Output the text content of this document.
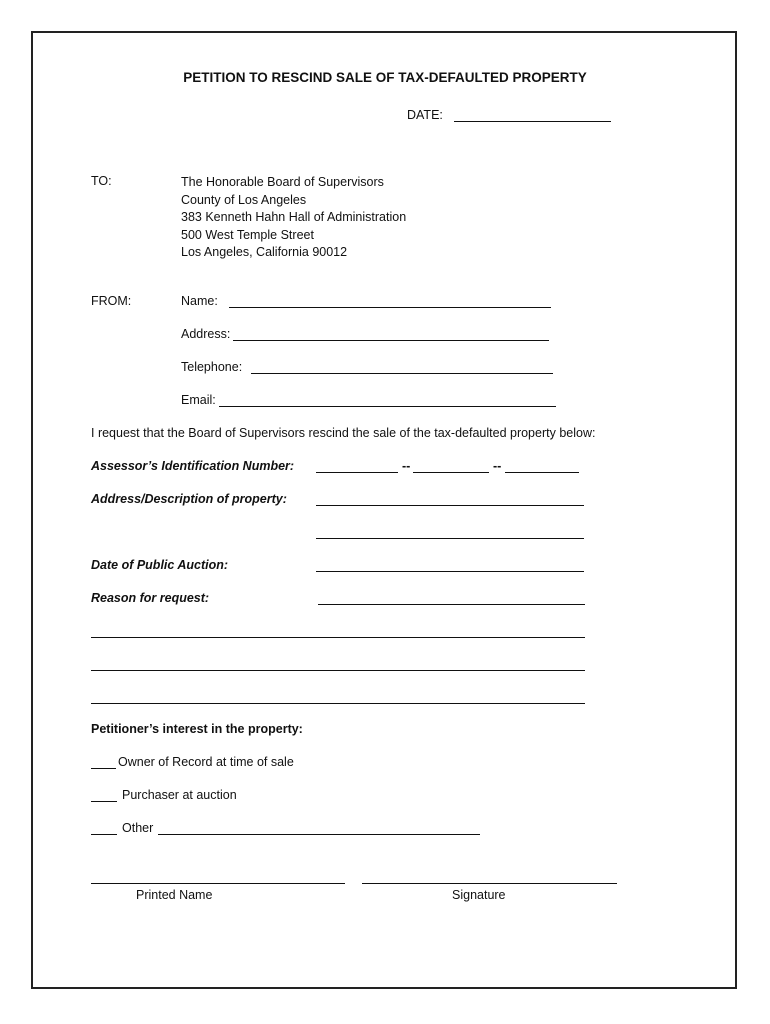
PETITION TO RESCIND SALE OF TAX-DEFAULTED PROPERTY
DATE:
TO:	The Honorable Board of Supervisors
County of Los Angeles
383 Kenneth Hahn Hall of Administration
500 West Temple Street
Los Angeles, California 90012
FROM:	Name:
Address:
Telephone:
Email:
I request that the Board of Supervisors rescind the sale of the tax-defaulted property below:
Assessor’s Identification Number:	--	--
Address/Description of property:
Date of Public Auction:
Reason for request:
Petitioner’s interest in the property:
Owner of Record at time of sale
Purchaser at auction
Other
Printed Name	Signature
